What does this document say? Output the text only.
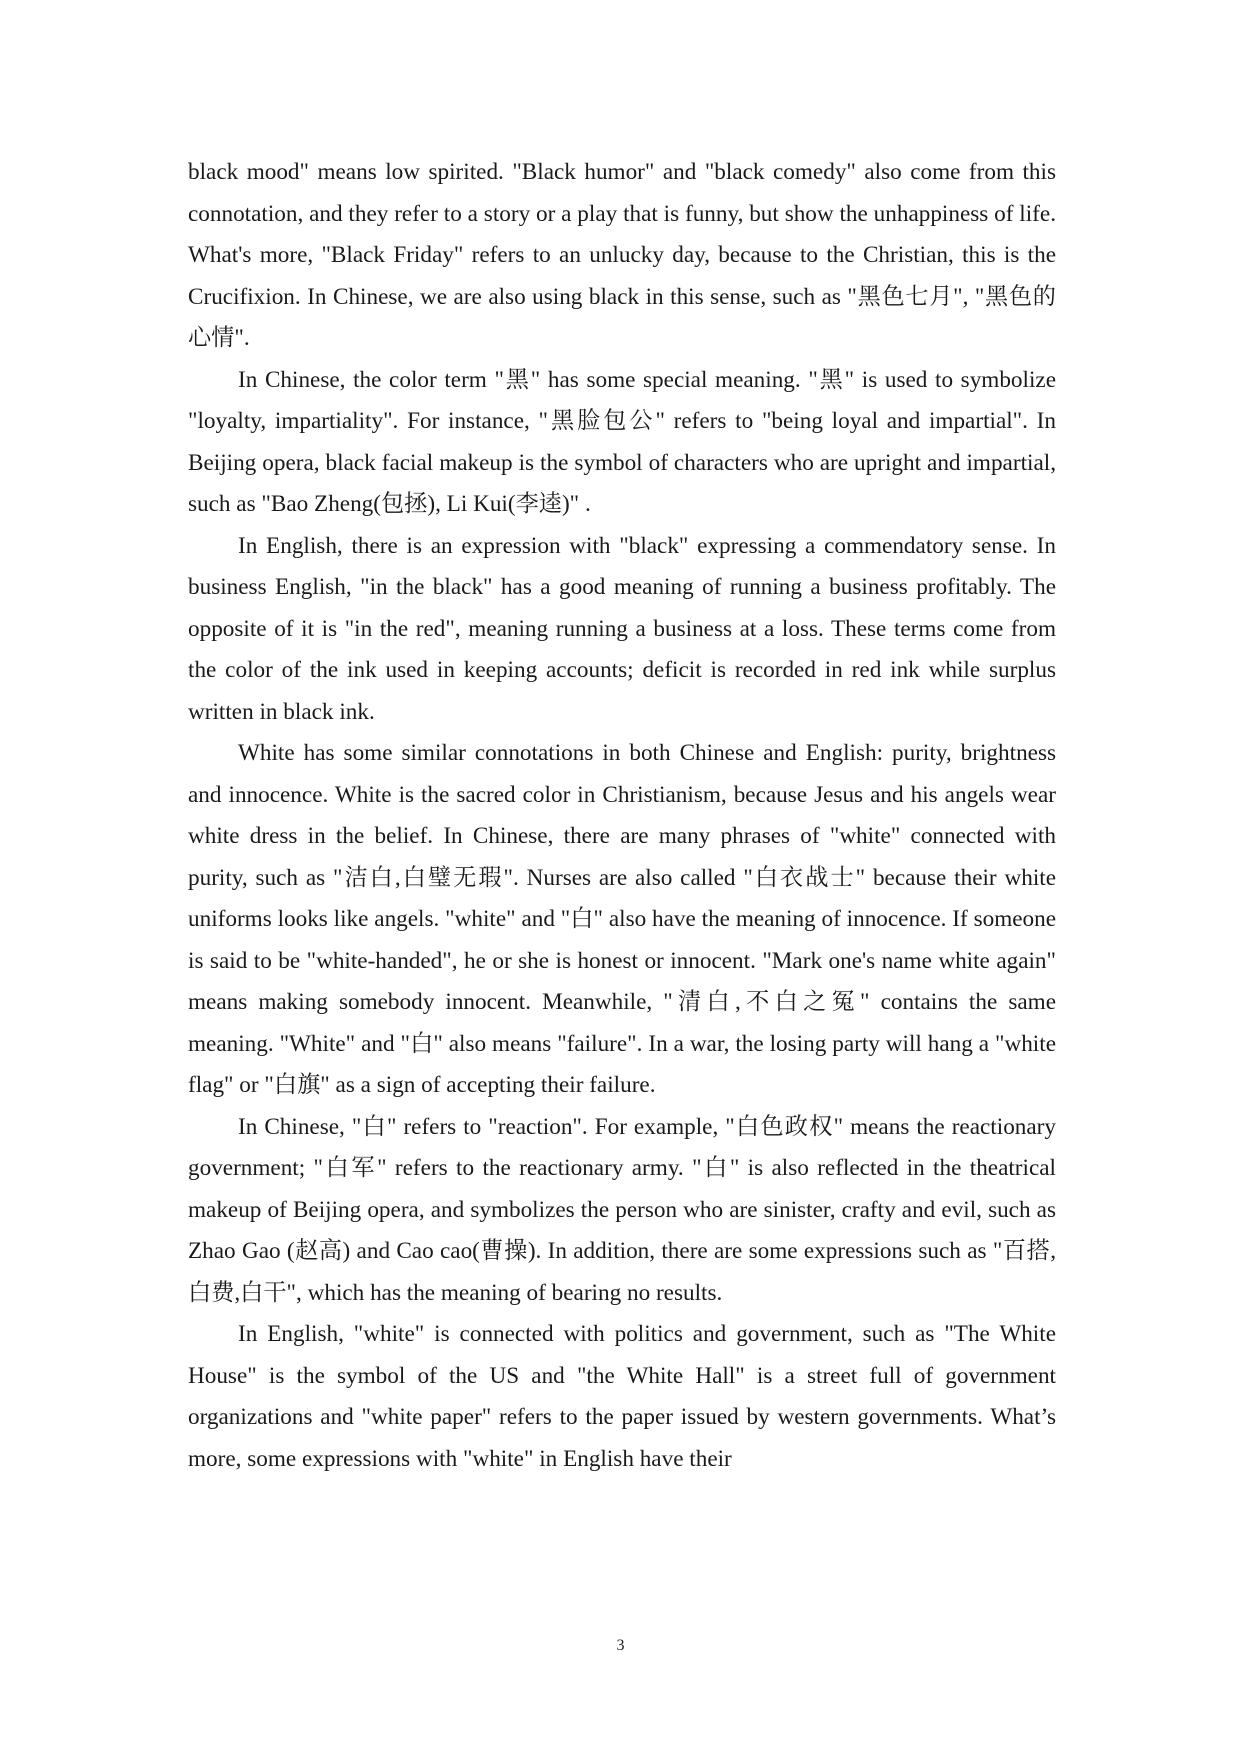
black mood" means low spirited. "Black humor" and "black comedy" also come from this connotation, and they refer to a story or a play that is funny, but show the unhappiness of life. What's more, "Black Friday" refers to an unlucky day, because to the Christian, this is the Crucifixion. In Chinese, we are also using black in this sense, such as "黑色七月", "黑色的心情".

In Chinese, the color term "黑" has some special meaning. "黑" is used to symbolize "loyalty, impartiality". For instance, "黑脸包公" refers to "being loyal and impartial". In Beijing opera, black facial makeup is the symbol of characters who are upright and impartial, such as "Bao Zheng(包拯), Li Kui(李逵)" .

In English, there is an expression with "black" expressing a commendatory sense. In business English, "in the black" has a good meaning of running a business profitably. The opposite of it is "in the red", meaning running a business at a loss. These terms come from the color of the ink used in keeping accounts; deficit is recorded in red ink while surplus written in black ink.

White has some similar connotations in both Chinese and English: purity, brightness and innocence. White is the sacred color in Christianism, because Jesus and his angels wear white dress in the belief. In Chinese, there are many phrases of "white" connected with purity, such as "洁白,白璧无瑕". Nurses are also called "白衣战士" because their white uniforms looks like angels. "white" and "白" also have the meaning of innocence. If someone is said to be "white-handed", he or she is honest or innocent. "Mark one's name white again" means making somebody innocent. Meanwhile, "清白,不白之冤" contains the same meaning. "White" and "白" also means "failure". In a war, the losing party will hang a "white flag" or "白旗" as a sign of accepting their failure.

In Chinese, "白" refers to "reaction". For example, "白色政权" means the reactionary government; "白军" refers to the reactionary army. "白" is also reflected in the theatrical makeup of Beijing opera, and symbolizes the person who are sinister, crafty and evil, such as Zhao Gao (赵高) and Cao cao(曹操). In addition, there are some expressions such as "百搭,白费,白干", which has the meaning of bearing no results.

In English, "white" is connected with politics and government, such as "The White House" is the symbol of the US and "the White Hall" is a street full of government organizations and "white paper" refers to the paper issued by western governments. What’s more, some expressions with "white" in English have their

3
